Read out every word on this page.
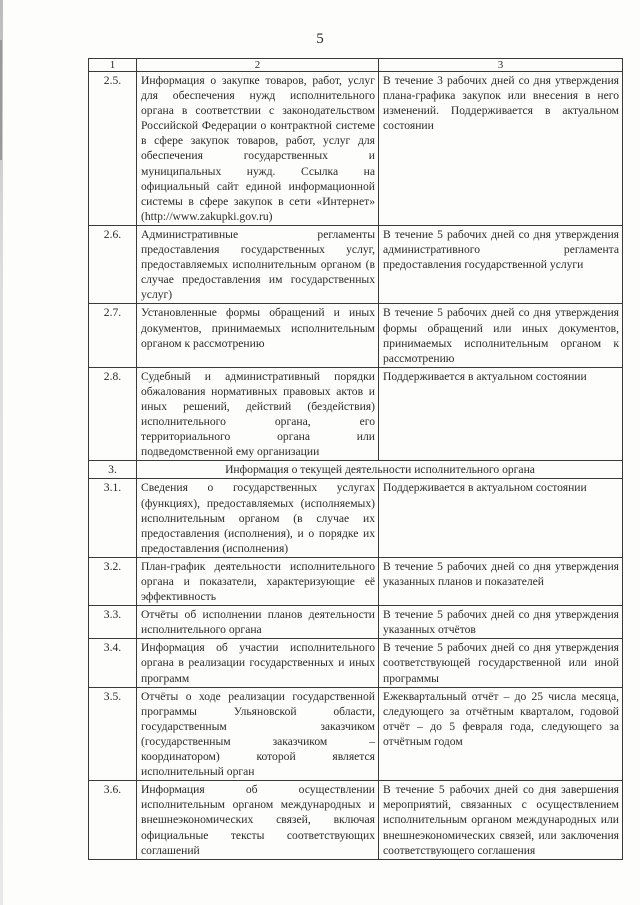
5
1	2	3
2.5.	Информация о закупке товаров, работ, услуг для обеспечения нужд исполнительного органа в соответствии с законодательством Российской Федерации о контрактной системе в сфере закупок товаров, работ, услуг для обеспечения государственных и муниципальных нужд. Ссылка на официальный сайт единой информационной системы в сфере закупок в сети «Интернет» (http://www.zakupki.gov.ru)	В течение 3 рабочих дней со дня утверждения плана-графика закупок или внесения в него изменений. Поддерживается в актуальном состоянии
2.6.	Административные регламенты предоставления государственных услуг, предоставляемых исполнительным органом (в случае предоставления им государственных услуг)	В течение 5 рабочих дней со дня утверждения административного регламента предоставления государственной услуги
2.7.	Установленные формы обращений и иных документов, принимаемых исполнительным органом к рассмотрению	В течение 5 рабочих дней со дня утверждения формы обращений или иных документов, принимаемых исполнительным органом к рассмотрению
2.8.	Судебный и административный порядки обжалования нормативных правовых актов и иных решений, действий (бездействия) исполнительного органа, его территориального органа или подведомственной ему организации	Поддерживается в актуальном состоянии
3.	Информация о текущей деятельности исполнительного органа	
3.1.	Сведения о государственных услугах (функциях), предоставляемых (исполняемых) исполнительным органом (в случае их предоставления (исполнения), и о порядке их предоставления (исполнения)	Поддерживается в актуальном состоянии
3.2.	План-график деятельности исполнительного органа и показатели, характеризующие её эффективность	В течение 5 рабочих дней со дня утверждения указанных планов и показателей
3.3.	Отчёты об исполнении планов деятельности исполнительного органа	В течение 5 рабочих дней со дня утверждения указанных отчётов
3.4.	Информация об участии исполнительного органа в реализации государственных и иных программ	В течение 5 рабочих дней со дня утверждения соответствующей государственной или иной программы
3.5.	Отчёты о ходе реализации государственной программы Ульяновской области, государственным заказчиком (государственным заказчиком – координатором) которой является исполнительный орган	Ежеквартальный отчёт – до 25 числа месяца, следующего за отчётным кварталом, годовой отчёт – до 5 февраля года, следующего за отчётным годом
3.6.	Информация об осуществлении исполнительным органом международных и внешнеэкономических связей, включая официальные тексты соответствующих соглашений	В течение 5 рабочих дней со дня завершения мероприятий, связанных с осуществлением исполнительным органом международных или внешнеэкономических связей, или заключения соответствующего соглашения
